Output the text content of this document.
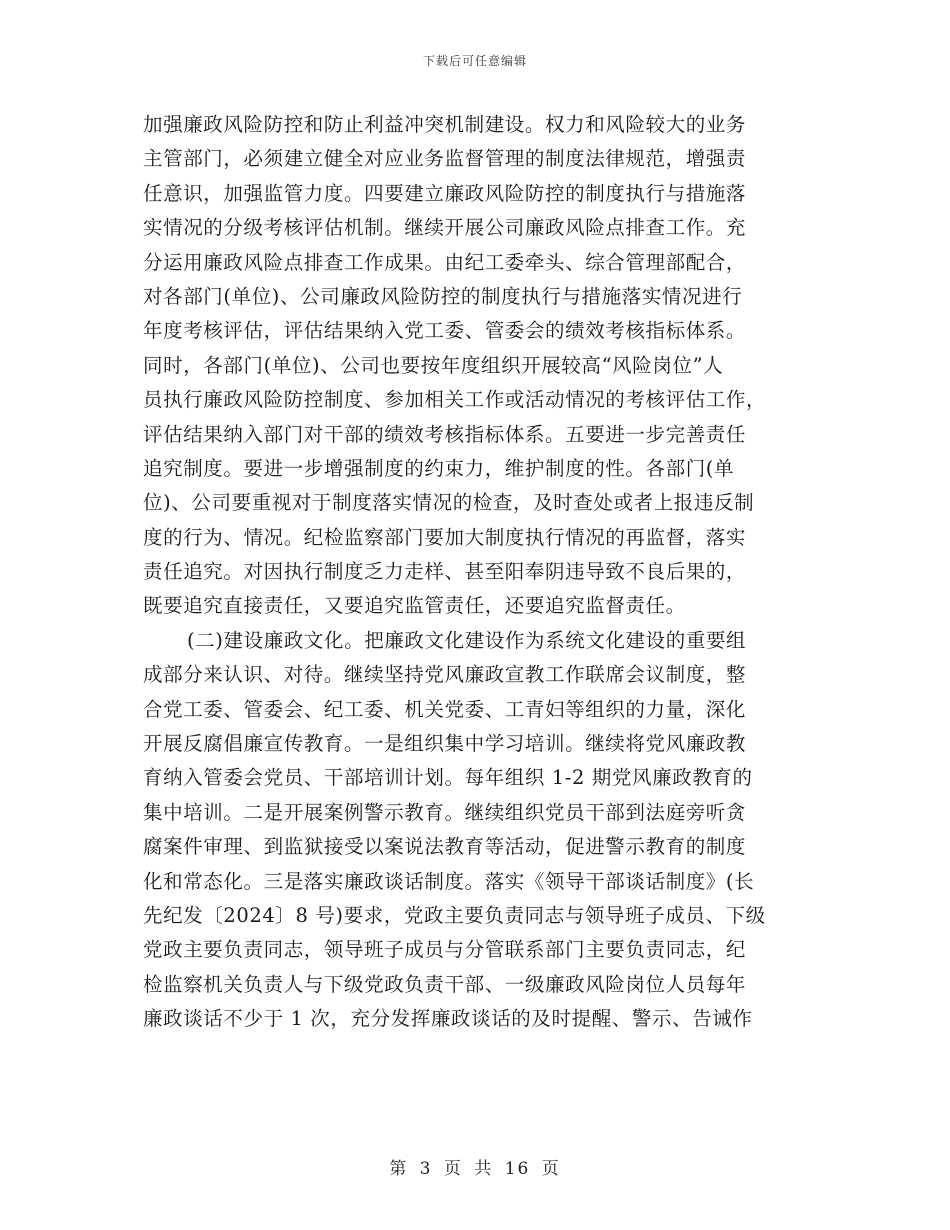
下载后可任意编辑
加强廉政风险防控和防止利益冲突机制建设。权力和风险较大的业务
主管部门，必须建立健全对应业务监督管理的制度法律规范，增强责
任意识，加强监管力度。四要建立廉政风险防控的制度执行与措施落
实情况的分级考核评估机制。继续开展公司廉政风险点排查工作。充
分运用廉政风险点排查工作成果。由纪工委牵头、综合管理部配合，
对各部门(单位)、公司廉政风险防控的制度执行与措施落实情况进行
年度考核评估，评估结果纳入党工委、管委会的绩效考核指标体系。
同时，各部门(单位)、公司也要按年度组织开展较高“风险岗位”人
员执行廉政风险防控制度、参加相关工作或活动情况的考核评估工作，
评估结果纳入部门对干部的绩效考核指标体系。五要进一步完善责任
追究制度。要进一步增强制度的约束力，维护制度的性。各部门(单
位)、公司要重视对于制度落实情况的检查，及时查处或者上报违反制
度的行为、情况。纪检监察部门要加大制度执行情况的再监督，落实
责任追究。对因执行制度乏力走样、甚至阳奉阴违导致不良后果的，
既要追究直接责任，又要追究监管责任，还要追究监督责任。
(二)建设廉政文化。把廉政文化建设作为系统文化建设的重要组
成部分来认识、对待。继续坚持党风廉政宣教工作联席会议制度，整
合党工委、管委会、纪工委、机关党委、工青妇等组织的力量，深化
开展反腐倡廉宣传教育。一是组织集中学习培训。继续将党风廉政教
育纳入管委会党员、干部培训计划。每年组织 1-2 期党风廉政教育的
集中培训。二是开展案例警示教育。继续组织党员干部到法庭旁听贪
腐案件审理、到监狱接受以案说法教育等活动，促进警示教育的制度
化和常态化。三是落实廉政谈话制度。落实《领导干部谈话制度》(长
先纪发〔2024〕8 号)要求，党政主要负责同志与领导班子成员、下级
党政主要负责同志，领导班子成员与分管联系部门主要负责同志，纪
检监察机关负责人与下级党政负责干部、一级廉政风险岗位人员每年
廉政谈话不少于 1 次，充分发挥廉政谈话的及时提醒、警示、告诫作
第 3 页 共 16 页
